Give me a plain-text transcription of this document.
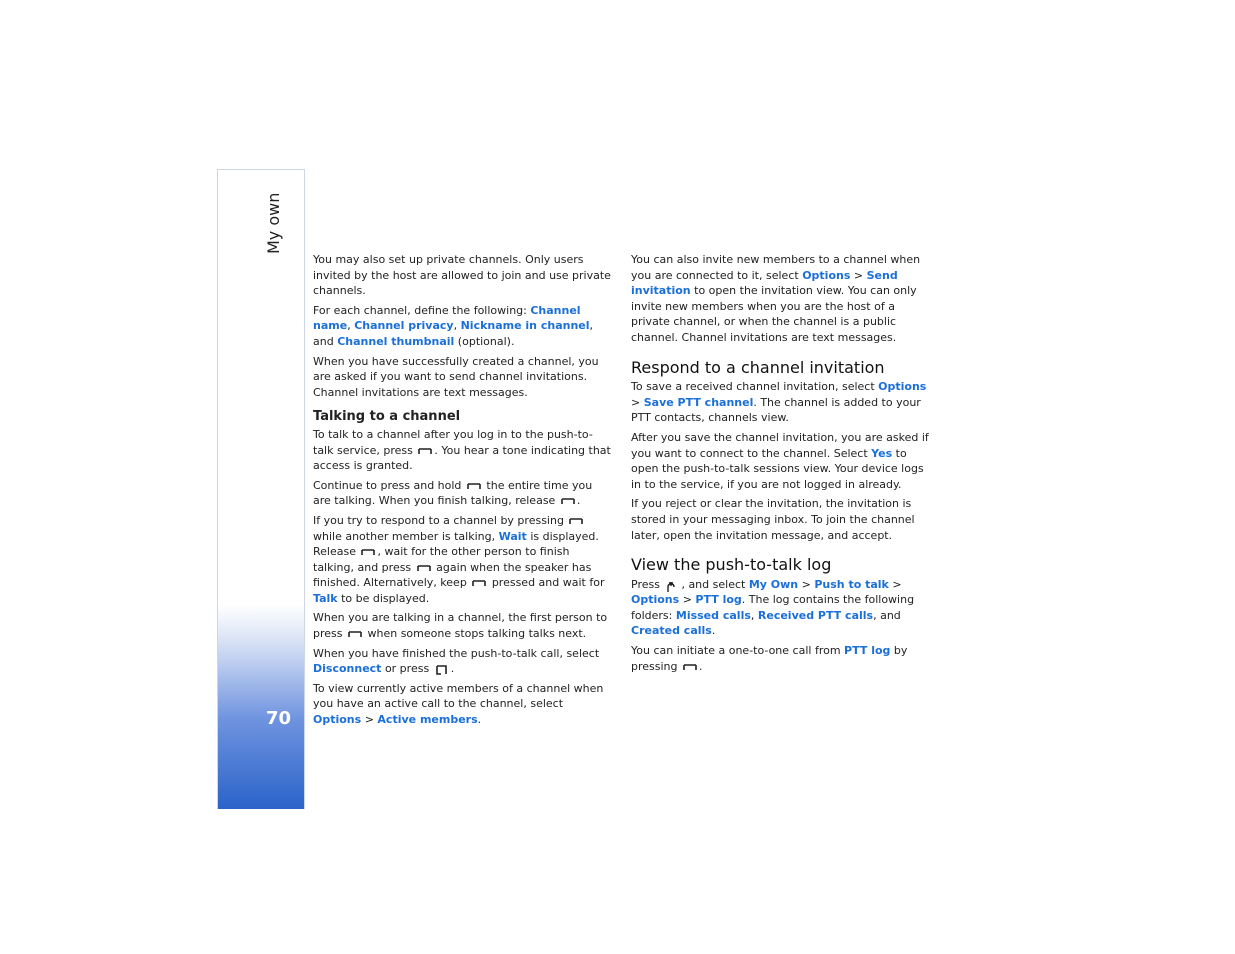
My own
70

You may also set up private channels. Only users invited by the host are allowed to join and use private channels.

For each channel, define the following: Channel name, Channel privacy, Nickname in channel, and Channel thumbnail (optional).

When you have successfully created a channel, you are asked if you want to send channel invitations. Channel invitations are text messages.

Talking to a channel

To talk to a channel after you log in to the push-to-talk service, press . You hear a tone indicating that access is granted.

Continue to press and hold the entire time you are talking. When you finish talking, release .

If you try to respond to a channel by pressing
while another member is talking, Wait is displayed. Release , wait for the other person to finish talking, and press again when the speaker has finished. Alternatively, keep pressed and wait for Talk to be displayed.

When you are talking in a channel, the first person to press when someone stops talking talks next.

When you have finished the push-to-talk call, select Disconnect or press .

To view currently active members of a channel when you have an active call to the channel, select Options > Active members.

You can also invite new members to a channel when you are connected to it, select Options > Send invitation to open the invitation view. You can only invite new members when you are the host of a private channel, or when the channel is a public channel. Channel invitations are text messages.

Respond to a channel invitation

To save a received channel invitation, select Options > Save PTT channel. The channel is added to your PTT contacts, channels view.

After you save the channel invitation, you are asked if you want to connect to the channel. Select Yes to open the push-to-talk sessions view. Your device logs in to the service, if you are not logged in already.

If you reject or clear the invitation, the invitation is stored in your messaging inbox. To join the channel later, open the invitation message, and accept.

View the push-to-talk log

Press , and select My Own > Push to talk > Options > PTT log. The log contains the following folders: Missed calls, Received PTT calls, and Created calls.

You can initiate a one-to-one call from PTT log by pressing .
